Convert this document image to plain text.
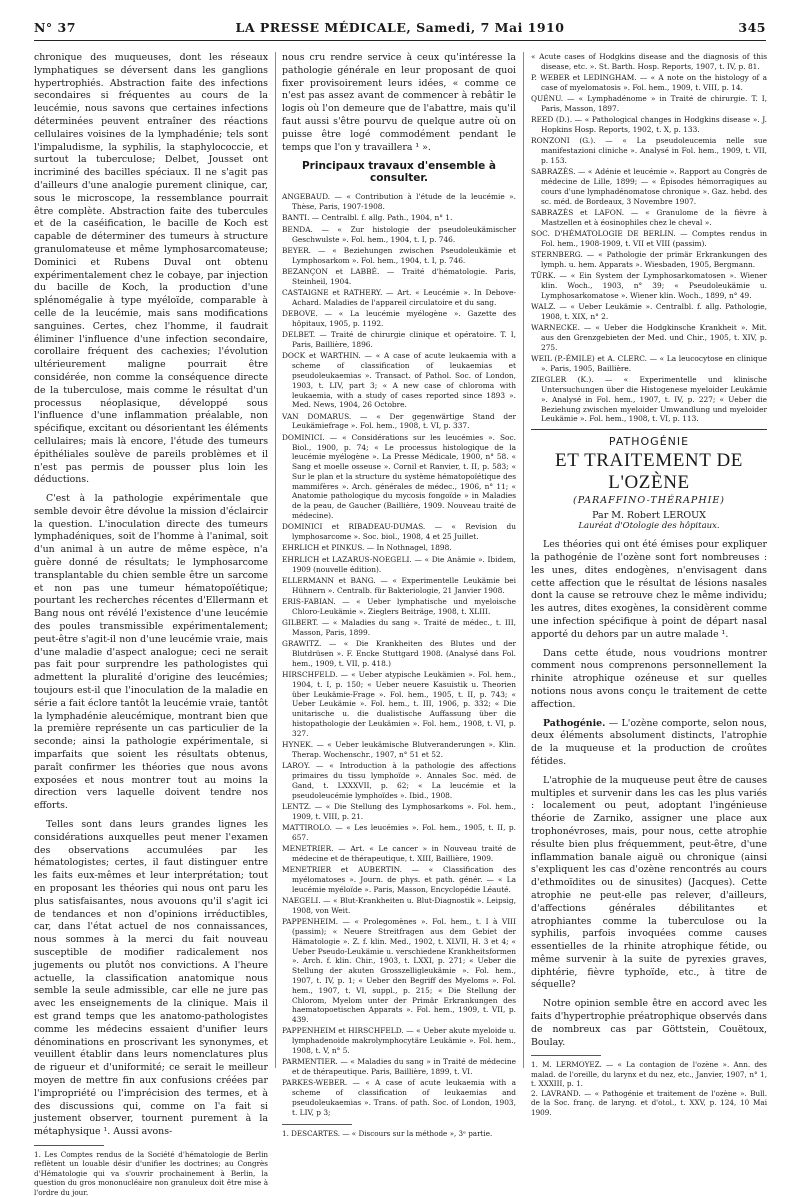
N° 37	LA PRESSE MÉDICALE, Samedi, 7 Mai 1910	345

chronique des muqueuses, dont les réseaux lymphatiques se déversent dans les ganglions hypertrophiés. Abstraction faite des infections secondaires si fréquentes au cours de la leucémie, nous savons que certaines infections déterminées peuvent entraîner des réactions cellulaires voisines de la lymphadénie; tels sont l'impaludisme, la syphilis, la staphylococcie, et surtout la tuberculose; Delbet, Jousset ont incriminé des bacilles spéciaux. Il ne s'agit pas d'ailleurs d'une analogie purement clinique, car, sous le microscope, la ressemblance pourrait être complète. Abstraction faite des tubercules et de la caséification, le bacille de Koch est capable de déterminer des tumeurs à structure granulomateuse et même lymphosarcomateuse; Dominici et Rubens Duval ont obtenu expérimentalement chez le cobaye, par injection du bacille de Koch, la production d'une splénomégalie à type myéloïde, comparable à celle de la leucémie, mais sans modifications sanguines. Certes, chez l'homme, il faudrait éliminer l'influence d'une infection secondaire, corollaire fréquent des cachexies; l'évolution ultérieurement maligne pourrait être considérée, non comme la conséquence directe de la tuberculose, mais comme le résultat d'un processus néoplasique, développé sous l'influence d'une inflammation préalable, non spécifique, excitant ou désorientant les éléments cellulaires; mais là encore, l'étude des tumeurs épithéliales soulève de pareils problèmes et il n'est pas permis de pousser plus loin les déductions.

C'est à la pathologie expérimentale que semble devoir être dévolue la mission d'éclaircir la question. L'inoculation directe des tumeurs lymphadéniques, soit de l'homme à l'animal, soit d'un animal à un autre de même espèce, n'a guère donné de résultats; le lymphosarcome transplantable du chien semble être un sarcome et non pas une tumeur hématopoïétique; pourtant les recherches récentes d'Ellermann et Bang nous ont révélé l'existence d'une leucémie des poules transmissible expérimentalement; peut-être s'agit-il non d'une leucémie vraie, mais d'une maladie d'aspect analogue; ceci ne serait pas fait pour surprendre les pathologistes qui admettent la pluralité d'origine des leucémies; toujours est-il que l'inoculation de la maladie en série a fait éclore tantôt la leucémie vraie, tantôt la lymphadénie aleucémique, montrant bien que la première représente un cas particulier de la seconde; ainsi la pathologie expérimentale, si imparfaits que soient les résultats obtenus, paraît confirmer les théories que nous avons exposées et nous montrer tout au moins la direction vers laquelle doivent tendre nos efforts.

Telles sont dans leurs grandes lignes les considérations auxquelles peut mener l'examen des observations accumulées par les hématologistes; certes, il faut distinguer entre les faits eux-mêmes et leur interprétation; tout en proposant les théories qui nous ont paru les plus satisfaisantes, nous avouons qu'il s'agit ici de tendances et non d'opinions irréductibles, car, dans l'état actuel de nos connaissances, nous sommes à la merci du fait nouveau susceptible de modifier radicalement nos jugements ou plutôt nos convictions. A l'heure actuelle, la classification anatomique nous semble la seule admissible, car elle ne jure pas avec les enseignements de la clinique. Mais il est grand temps que les anatomo-pathologistes comme les médecins essaient d'unifier leurs dénominations en proscrivant les synonymes, et veuillent établir dans leurs nomenclatures plus de rigueur et d'uniformité; ce serait le meilleur moyen de mettre fin aux confusions créées par l'impropriété ou l'imprécision des termes, et à des discussions qui, comme on l'a fait si justement observer, tournent purement à la métaphysique ¹. Aussi avons-

1. Les Comptes rendus de la Société d'hématologie de Berlin reflètent un louable désir d'unifier les doctrines; au Congrès d'Hématologie qui va s'ouvrir prochainement à Berlin, la question du gros mononucléaire non granuleux doit être mise à l'ordre du jour.

nous cru rendre service à ceux qu'intéresse la pathologie générale en leur proposant de quoi fixer provisoirement leurs idées, « comme ce n'est pas assez avant de commencer à rebâtir le logis où l'on demeure que de l'abattre, mais qu'il faut aussi s'être pourvu de quelque autre où on puisse être logé commodément pendant le temps que l'on y travaillera ¹ ».

Principaux travaux d'ensemble à consulter.

ANGEBAUD. — « Contribution à l'étude de la leucémie ». Thèse, Paris, 1907-1908.

BANTI. — Centralbl. f. allg. Path., 1904, n° 1.

BENDA. — « Zur histologie der pseudoleukämischer Geschwulste ». Fol. hem., 1904, t. I, p. 746.

BEYER. — « Beziehungen zwischen Pseudoleukämie et Lymphosarkom ». Fol. hem., 1904, t. I, p. 746.

BEZANÇON et LABBÉ. — Traité d'hématologie. Paris, Steinheil, 1904.

CASTAIGNE et RATHERY. — Art. « Leucémie ». In Debove-Achard. Maladies de l'appareil circulatoire et du sang.

DEBOVE. — « La leucémie myélogène ». Gazette des hôpitaux, 1905, p. 1192.

DELBET. — Traité de chirurgie clinique et opératoire. T. I, Paris, Baillière, 1896.

DOCK et WARTHIN. — « A case of acute leukaemia with a scheme of classification of leukaemias et pseudoleukaemias ». Transact. of Pathol. Soc. of London, 1903, t. LIV, part 3; « A new case of chloroma with leukaemia, with a study of cases reported since 1893 ». Med. News, 1904, 26 Octobre.

VAN DOMARUS. — « Der gegenwärtige Stand der Leukämiefrage ». Fol. hem., 1908, t. VI, p. 337.

DOMINICI. — « Considérations sur les leucémies ». Soc. Biol., 1900, p. 74; « Le processus histologique de la leucémie myélogène ». La Presse Médicale, 1900, n° 58. « Sang et moelle osseuse ». Cornil et Ranvier, t. II, p. 583; « Sur le plan et la structure du système hématopoïétique des mammifères ». Arch. générales de médec., 1906, n° 11; « Anatomie pathologique du mycosis fongoïde » in Maladies de la peau, de Gaucher (Baillière, 1909. Nouveau traité de médecine).

DOMINICI et RIBADEAU-DUMAS. — « Revision du lymphosarcome ». Soc. biol., 1908, 4 et 25 Juillet.

EHRLICH et PINKUS. — In Nothnagel, 1898.

EHRLICH et LAZARUS-NOEGELI. — « Die Anämie ». Ibidem, 1909 (nouvelle édition).

ELLERMANN et BANG. — « Experimentelle Leukämie bei Hühnern ». Centralb. für Bakteriologie, 21 Janvier 1908.

ERIS-FABIAN. — « Ueber lymphatische und myeloische Chloro-Leukämie ». Zieglers Beiträge, 1908, t. XLIII.

GILBERT. — « Maladies du sang ». Traité de médec., t. III, Masson, Paris, 1899.

GRAWITZ. — « Die Krankheiten des Blutes und der Blutdrüsen ». F. Encke Stuttgard 1908. (Analysé dans Fol. hem., 1909, t. VII, p. 418.)

HIRSCHFELD. — « Ueber atypische Leukämien ». Fol. hem., 1904, t. I, p. 150; « Ueber neuere Kasuistik u. Theorien über Leukämie-Frage ». Fol. hem., 1905, t. II, p. 743; « Ueber Leukämie ». Fol. hem., t. III, 1906, p. 332; « Die unitarische u. die dualistische Auffassung über die histopathologie der Leukämien ». Fol. hem., 1908, t. VI, p. 327.

HYNEK. — « Ueber leukämische Blutveranderungen ». Klin. Therap. Wochenschr., 1907, n° 51 et 52.

LAROY. — « Introduction à la pathologie des affections primaires du tissu lymphoïde ». Annales Soc. méd. de Gand, t. LXXXVII, p. 62; « La leucémie et la pseudoleucémie lymphoïdes ». Ibid., 1908.

LENTZ. — « Die Stellung des Lymphosarkoms ». Fol. hem., 1909, t. VIII, p. 21.

MATTIROLO. — « Les leucémies ». Fol. hem., 1905, t. II, p. 657.

MENETRIER. — Art. « Le cancer » in Nouveau traité de médecine et de thérapeutique, t. XIII, Baillière, 1909.

MENETRIER et AUBERTIN. — « Classification des myélomatoses ». Journ. de phys. et path. génér. — « La leucémie myéloïde ». Paris, Masson, Encyclopédie Léauté.

NAEGELI. — « Blut-Krankheiten u. Blut-Diagnostik ». Leipsig, 1908, von Weit.

PAPPENHEIM. — « Prolegomènes ». Fol. hem., t. I à VIII (passim); « Neuere Streitfragen aus dem Gebiet der Hämatologie ». Z. f. klin. Med., 1902, t. XLVII, H. 3 et 4; « Ueber Pseudo-Leukämie u. verschiedene Krankheitsformen ». Arch. f. klin. Chir., 1903, t. LXXI, p. 271; « Ueber die Stellung der akuten Grosszelligleukämie ». Fol. hem., 1907, t. IV, p. 1; « Ueber den Begriff des Myeloms ». Fol. hem., 1907, t. VI, suppl., p. 215; « Die Stellung der Chlorom, Myelom unter der Primär Erkrankungen des haematopoetischen Apparats ». Fol. hem., 1909, t. VII, p. 439.

PAPPENHEIM et HIRSCHFELD. — « Ueber akute myeloide u. lymphadenoide makrolymphocytäre Leukämie ». Fol. hem., 1908, t. V, n° 5.

PARMENTIER. — « Maladies du sang » in Traité de médecine et de thérapeutique. Paris, Baillière, 1899, t. VI.

PARKES-WEBER. — « A case of acute leukaemia with a scheme of classification of leukaemias and pseudoleukaemias ». Trans. of path. Soc. of London, 1903, t. LIV, p 3;

1. DESCARTES. — « Discours sur la méthode », 3ᵉ partie.

« Acute cases of Hodgkins disease and the diagnosis of this disease, etc. ». St. Barth. Hosp. Reports, 1907, t. IV, p. 81.

P. WEBER et LEDINGHAM. — « A note on the histology of a case of myelomatosis ». Fol. hem., 1909, t. VIII, p. 14.

QUÉNU. — « Lymphadénome » in Traité de chirurgie. T. I, Paris, Masson, 1897.

REED (D.). — « Pathological changes in Hodgkins disease ». J. Hopkins Hosp. Reports, 1902, t. X, p. 133.

RONZONI (G.). — « La pseudoleucemia nelle sue manifestazioni cliniche ». Analysé in Fol. hem., 1909, t. VII, p. 153.

SABRAZÈS. — « Adénie et leucémie ». Rapport au Congrès de médecine de Lille, 1899; — « Épisodes hémorragiques au cours d'une lymphadénomatose chronique ». Gaz. hebd. des sc. méd. de Bordeaux, 3 Novembre 1907.

SABRAZÈS et LAFON. — « Granulome de la fièvre à Mastzellen et à éosinophiles chez le cheval ».

SOC. D'HÉMATOLOGIE DE BERLIN. — Comptes rendus in Fol. hem., 1908-1909, t. VII et VIII (passim).

STERNBERG. — « Pathologie der primär Erkrankungen des lymph. u. hem. Apparats ». Wiesbaden, 1905, Bergmann.

TÜRK. — « Ein System der Lymphosarkomatosen ». Wiener klin. Woch., 1903, n° 39; « Pseudoleukämie u. Lymphosarkomatose ». Wiener klin. Woch., 1899, n° 49.

WALZ. — « Ueber Leukämie ». Centralbl. f. allg. Pathologie, 1908, t. XIX, n° 2.

WARNECKE. — « Ueber die Hodgkinsche Krankheit ». Mit. aus den Grenzgebieten der Med. und Chir., 1905, t. XIV, p. 275.

WEIL (P.-ÉMILE) et A. CLERC. — « La leucocytose en clinique ». Paris, 1905, Baillière.

ZIEGLER (K.). — « Experimentelle und klinische Untersuchungen über die Histogenese myeloider Leukämie ». Analysé in Fol. hem., 1907, t. IV, p. 227; « Ueber die Beziehung zwischen myeloider Umwandlung und myeloider Leukämie ». Fol. hem., 1908, t. VI, p. 113.

PATHOGÉNIE
ET TRAITEMENT DE L'OZÈNE
(PARAFFINO-THÉRAPHIE)
Par M. Robert LEROUX
Lauréat d'Otologie des hôpitaux.

Les théories qui ont été émises pour expliquer la pathogénie de l'ozène sont fort nombreuses : les unes, dites endogènes, n'envisagent dans cette affection que le résultat de lésions nasales dont la cause se retrouve chez le même individu; les autres, dites exogènes, la considèrent comme une infection spécifique à point de départ nasal apporté du dehors par un autre malade ¹.

Dans cette étude, nous voudrions montrer comment nous comprenons personnellement la rhinite atrophique ozéneuse et sur quelles notions nous avons conçu le traitement de cette affection.

Pathogénie. — L'ozène comporte, selon nous, deux éléments absolument distincts, l'atrophie de la muqueuse et la production de croûtes fétides.

L'atrophie de la muqueuse peut être de causes multiples et survenir dans les cas les plus variés : localement ou peut, adoptant l'ingénieuse théorie de Zarniko, assigner une place aux trophonévroses, mais, pour nous, cette atrophie résulte bien plus fréquemment, peut-être, d'une inflammation banale aiguë ou chronique (ainsi s'expliquent les cas d'ozène rencontrés au cours d'ethmoïdites ou de sinusites) (Jacques). Cette atrophie ne peut-elle pas relever, d'ailleurs, d'affections générales débilitantes et atrophiantes comme la tuberculose ou la syphilis, parfois invoquées comme causes essentielles de la rhinite atrophique fétide, ou même survenir à la suite de pyrexies graves, diphtérie, fièvre typhoïde, etc., à titre de séquelle?

Notre opinion semble être en accord avec les faits d'hypertrophie préatrophique observés dans de nombreux cas par Göttstein, Couëtoux, Boulay.

1. M. LERMOYEZ. — « La contagion de l'ozène ». Ann. des malad. de l'oreille, du larynx et du nez, etc., Janvier, 1907, n° 1, t. XXXIII, p. 1.

2. LAVRAND. — « Pathogénie et traitement de l'ozène ». Bull. de la Soc. franç. de laryng. et d'otol., t. XXV, p. 124, 10 Mai 1909.
